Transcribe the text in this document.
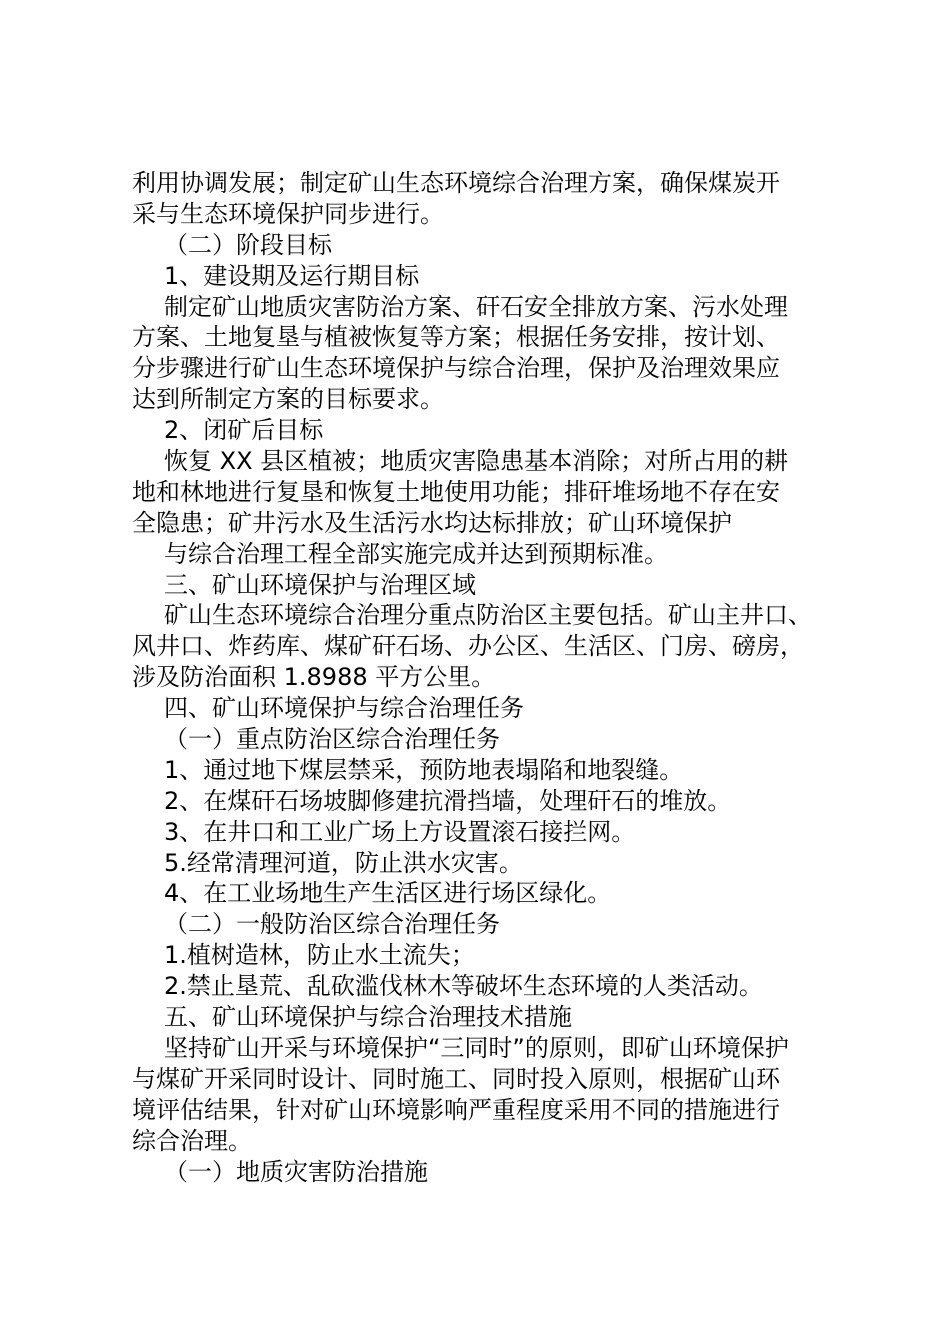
利用协调发展；制定矿山生态环境综合治理方案，确保煤炭开

采与生态环境保护同步进行。

（二）阶段目标

1、建设期及运行期目标

制定矿山地质灾害防治方案、矸石安全排放方案、污水处理

方案、土地复垦与植被恢复等方案；根据任务安排，按计划、

分步骤进行矿山生态环境保护与综合治理，保护及治理效果应

达到所制定方案的目标要求。

2、闭矿后目标

恢复 XX 县区植被；地质灾害隐患基本消除；对所占用的耕

地和林地进行复垦和恢复土地使用功能；排矸堆场地不存在安

全隐患；矿井污水及生活污水均达标排放；矿山环境保护

与综合治理工程全部实施完成并达到预期标准。

三、矿山环境保护与治理区域

矿山生态环境综合治理分重点防治区主要包括。矿山主井口、

风井口、炸药库、煤矿矸石场、办公区、生活区、门房、磅房，

涉及防治面积 1.8988 平方公里。

四、矿山环境保护与综合治理任务

（一）重点防治区综合治理任务

1、通过地下煤层禁采，预防地表塌陷和地裂缝。

2、在煤矸石场坡脚修建抗滑挡墙，处理矸石的堆放。

3、在井口和工业广场上方设置滚石接拦网。

5.经常清理河道，防止洪水灾害。

4、在工业场地生产生活区进行场区绿化。

（二）一般防治区综合治理任务

1.植树造林，防止水土流失；

2.禁止垦荒、乱砍滥伐林木等破坏生态环境的人类活动。

五、矿山环境保护与综合治理技术措施

坚持矿山开采与环境保护“三同时”的原则，即矿山环境保护

与煤矿开采同时设计、同时施工、同时投入原则，根据矿山环

境评估结果，针对矿山环境影响严重程度采用不同的措施进行

综合治理。

（一）地质灾害防治措施
